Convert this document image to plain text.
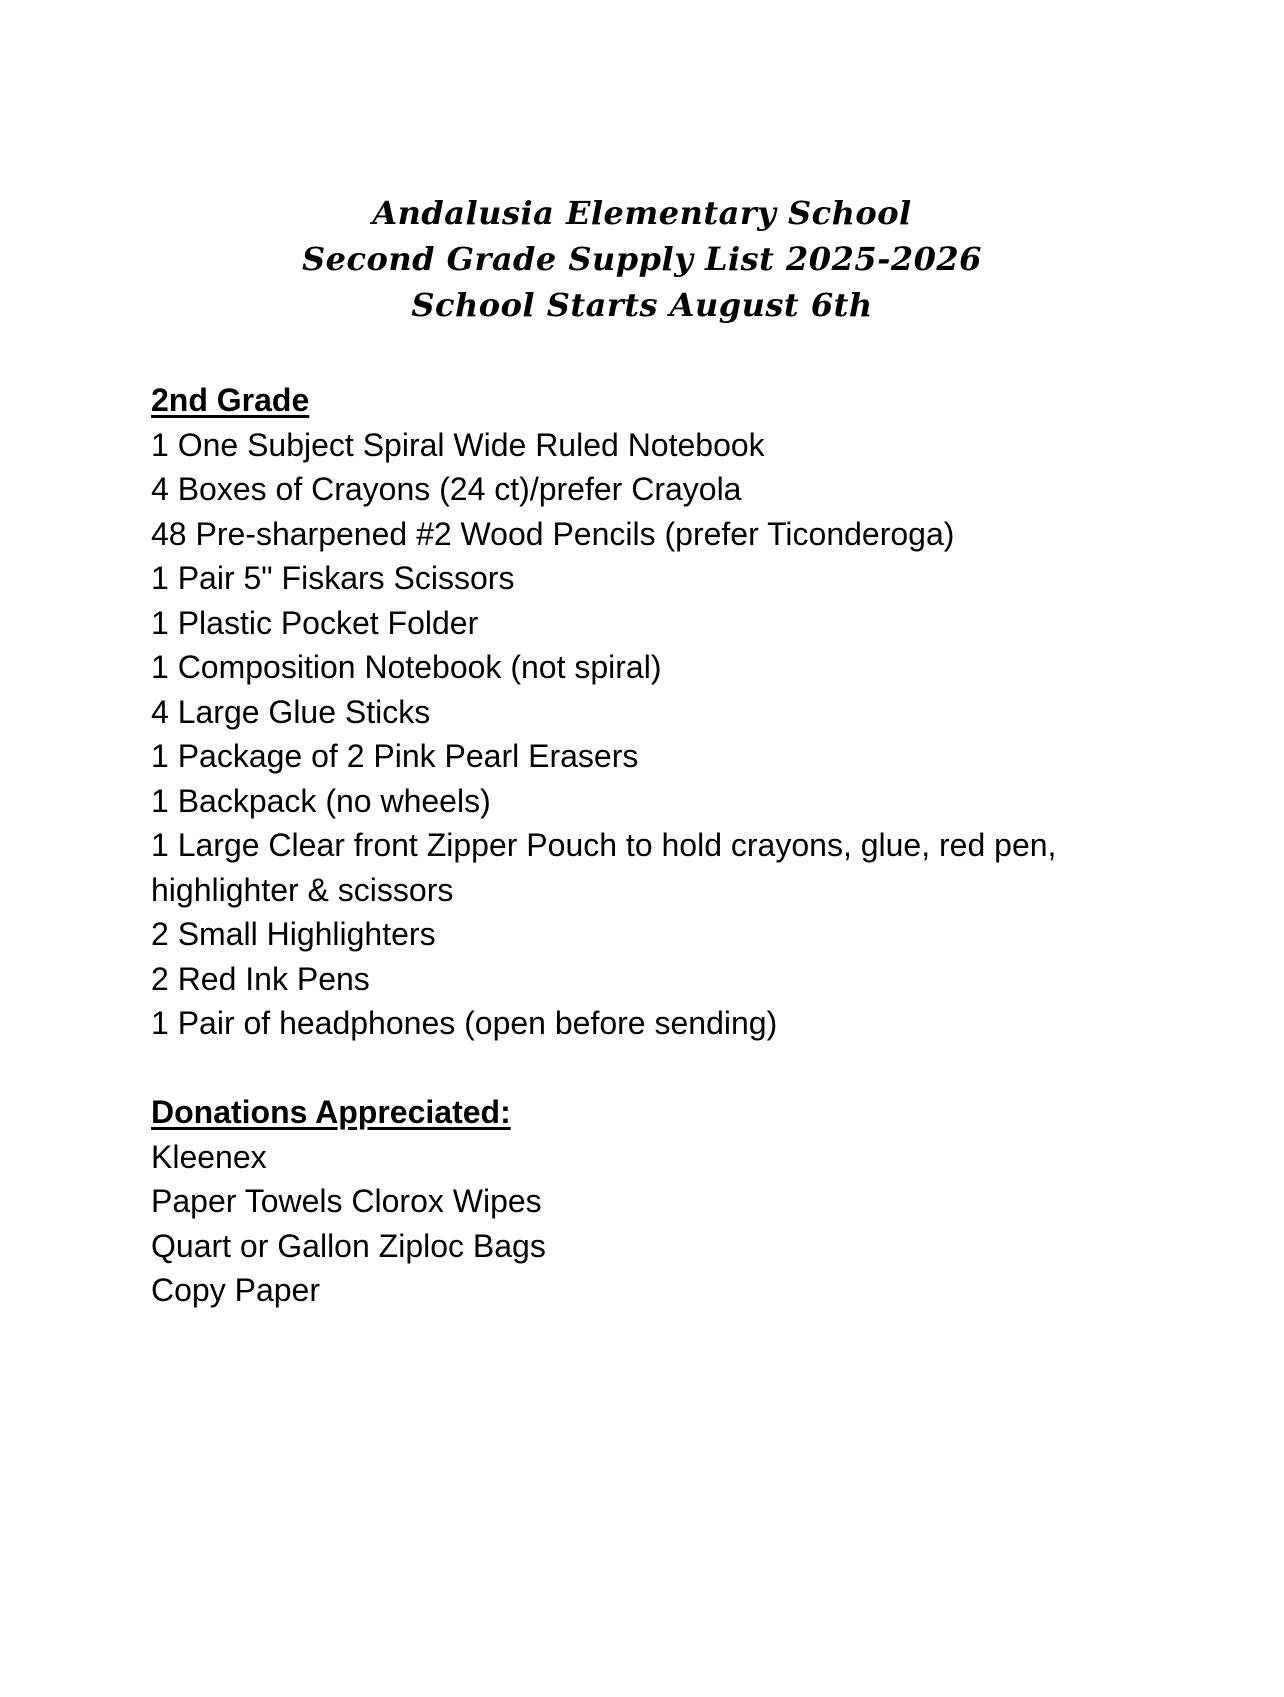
Andalusia Elementary School
Second Grade Supply List 2025-2026
School Starts August 6th
2nd Grade
1 One Subject Spiral Wide Ruled Notebook
4 Boxes of Crayons (24 ct)/prefer Crayola
48 Pre-sharpened #2 Wood Pencils (prefer Ticonderoga)
1 Pair 5" Fiskars Scissors
1 Plastic Pocket Folder
1 Composition Notebook (not spiral)
4 Large Glue Sticks
1 Package of 2 Pink Pearl Erasers
1 Backpack (no wheels)
1 Large Clear front Zipper Pouch to hold crayons, glue, red pen, highlighter & scissors
2 Small Highlighters
2 Red Ink Pens
1 Pair of headphones (open before sending)
Donations Appreciated:
Kleenex
Paper Towels Clorox Wipes
Quart or Gallon Ziploc Bags
Copy Paper
